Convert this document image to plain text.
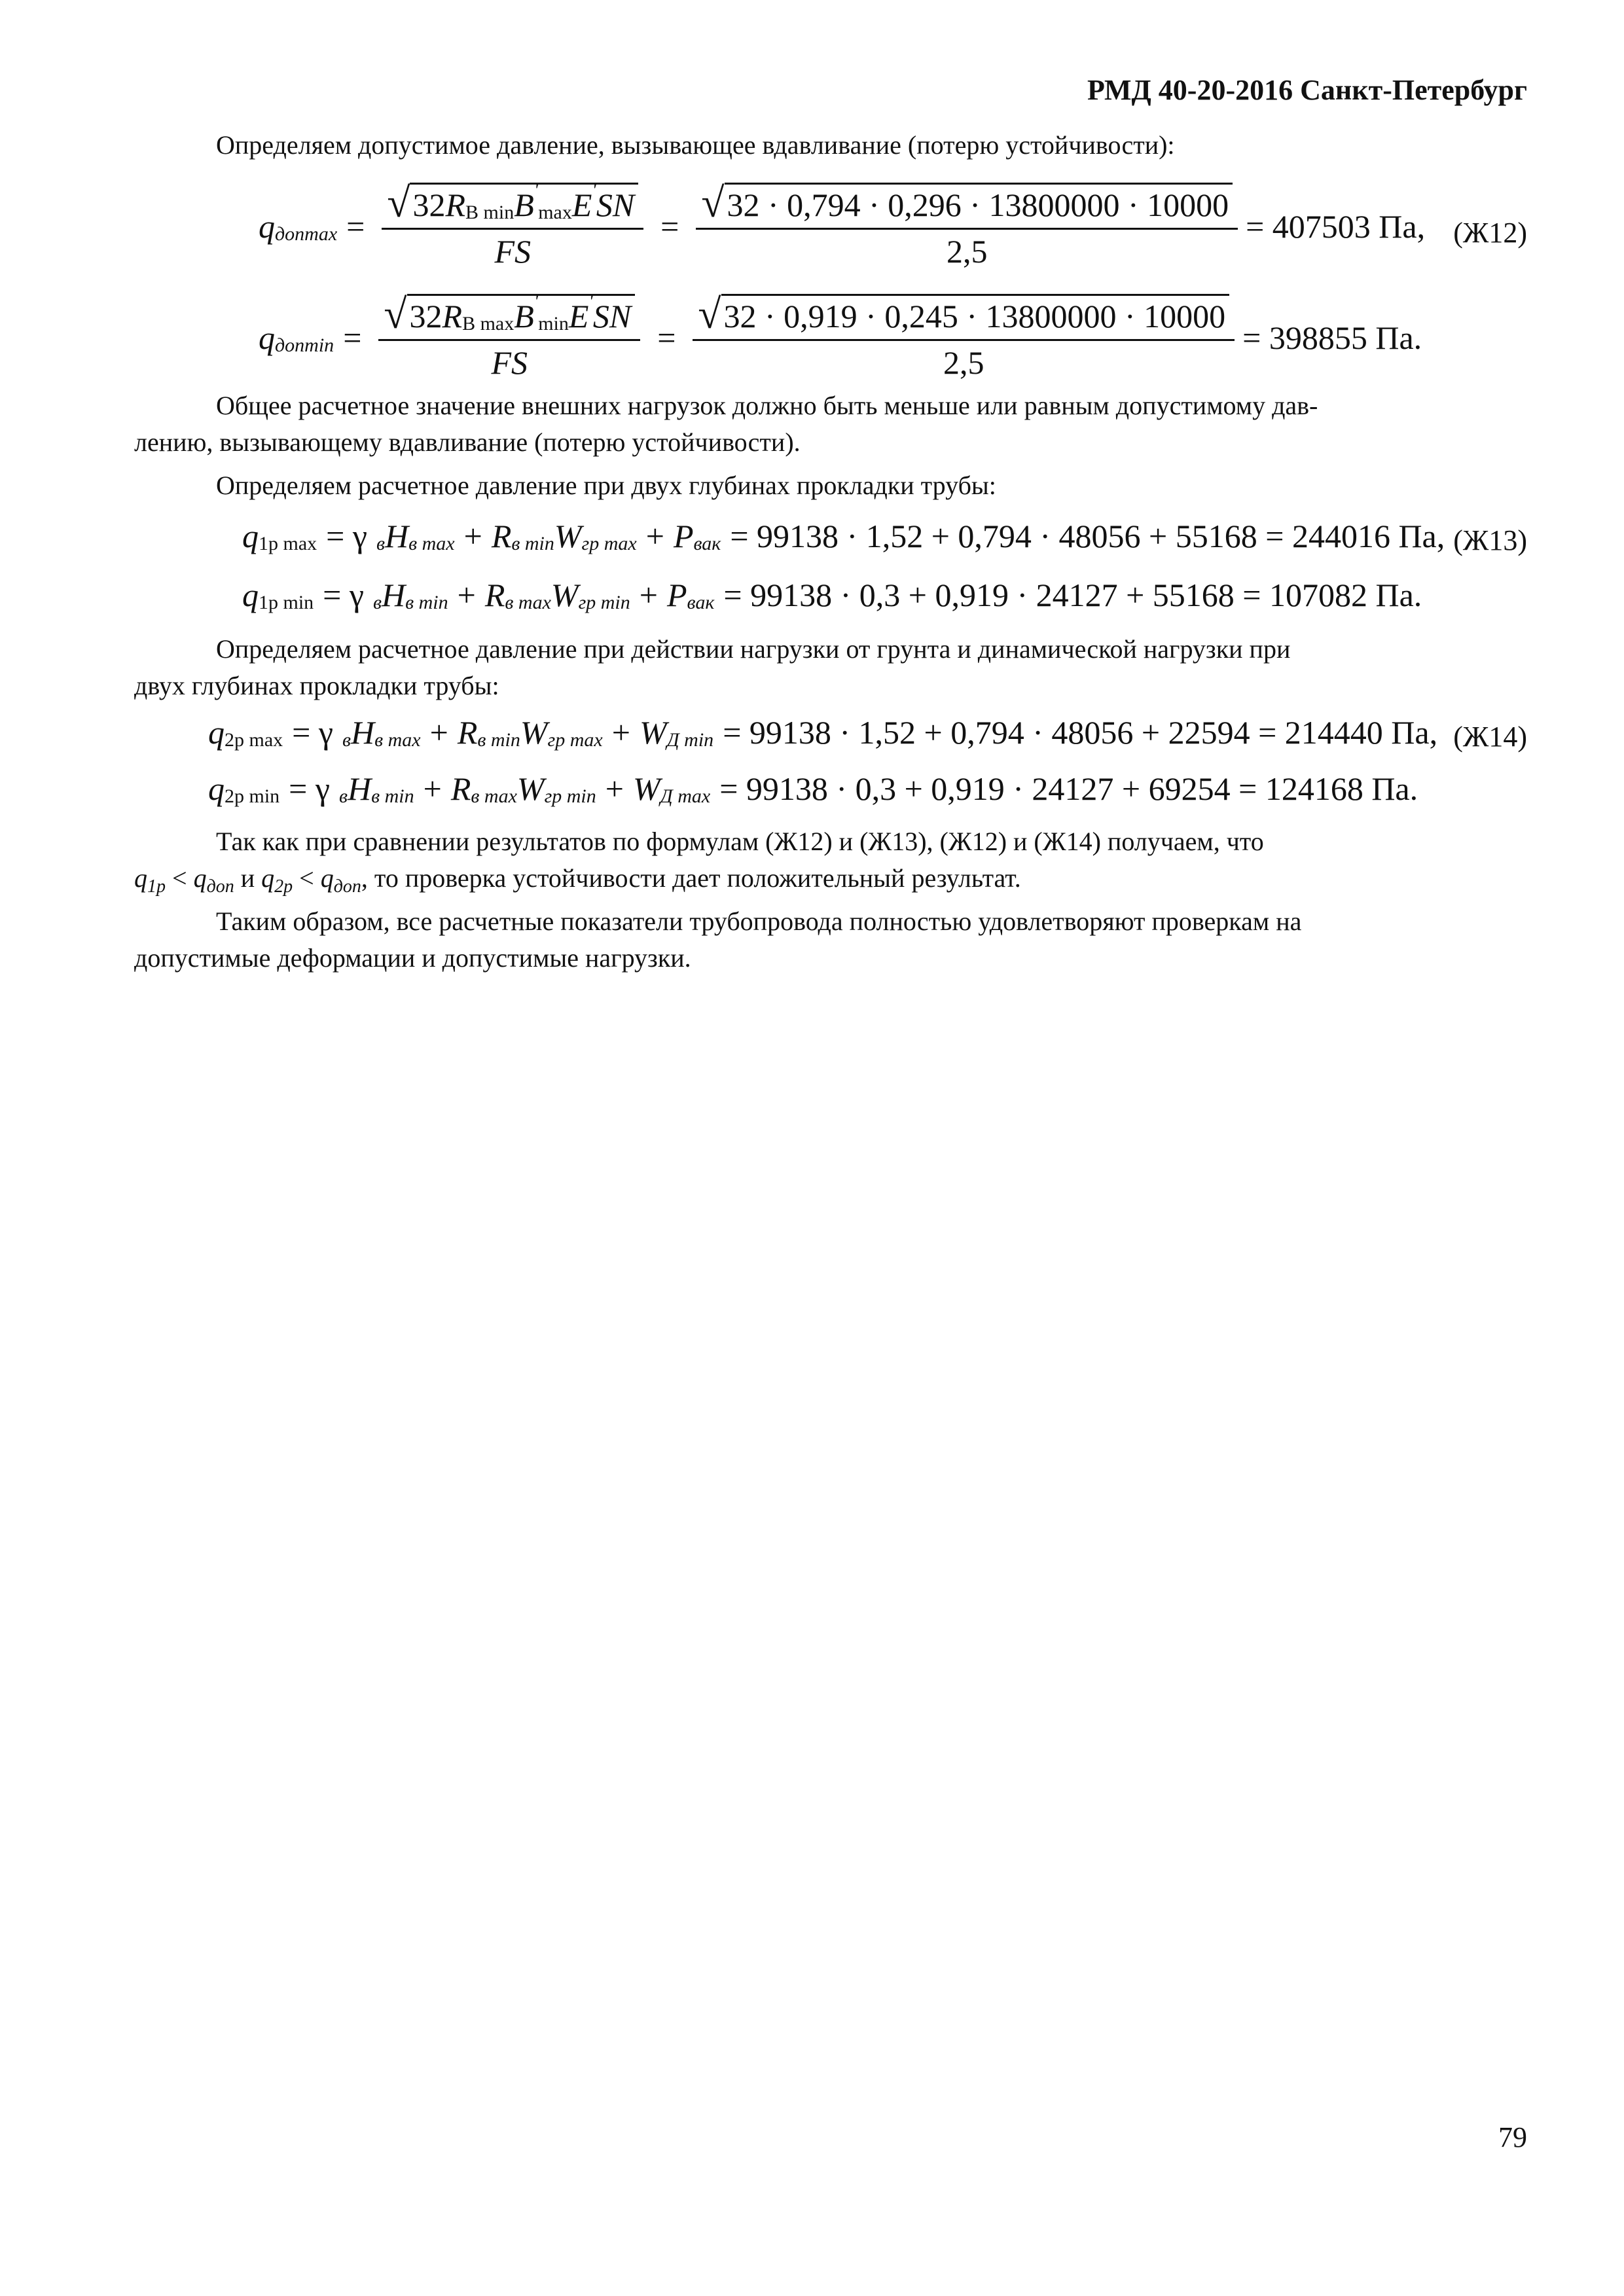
РМД 40-20-2016 Санкт-Петербург
Определяем допустимое давление, вызывающее вдавливание (потерю устойчивости):
q допmax =
√ 32 R B min B '
max E ' SN
FS
= $\frac{√ 32 \cdot 0,794 \cdot 0,296 \cdot 13800000 \cdot 10000}{2,5} = 407503$ Па, (Ж12)
q допmin =
√ 32 R B max B '
min E ' SN
FS
= $\frac{√ 32 \cdot 0,919 \cdot 0,245 \cdot 13800000 \cdot 10000}{2,5} = 398855$ Па.
Общее расчетное значение внешних нагрузок должно быть меньше или равным допустимому дав-
лению, вызывающему вдавливание (потерю устойчивости).
Определяем расчетное давление при двух глубинах прокладки трубы:
q 1p max = γ в H в max + R в min W гр max + P вак = 99138 · 1,52 + 0,794 · 48056 + 55168 = 244016 Па, (Ж13)
q 1p min = γ в H в min + R в max W гр min + P вак = 99138 · 0,3 + 0,919 · 24127 + 55168 = 107082 Па.
Определяем расчетное давление при действии нагрузки от грунта и динамической нагрузки при
двух глубинах прокладки трубы:
q 2p max = γ в H в max + R в min W гр max + W Д min = 99138 · 1,52 + 0,794 · 48056 + 22594 = 214440 Па, (Ж14)
q 2p min = γ в H в min + R в max W гр min + W Д max = 99138 · 0,3 + 0,919 · 24127 + 69254 = 124168 Па.
Так как при сравнении результатов по формулам (Ж12) и (Ж13), (Ж12) и (Ж14) получаем, что
$q_{1p} < q_{доп}$ и $q_{2p} < q_{доп}$, то проверка устойчивости дает положительный результат.
Таким образом, все расчетные показатели трубопровода полностью удовлетворяют проверкам на
допустимые деформации и допустимые нагрузки.
79
